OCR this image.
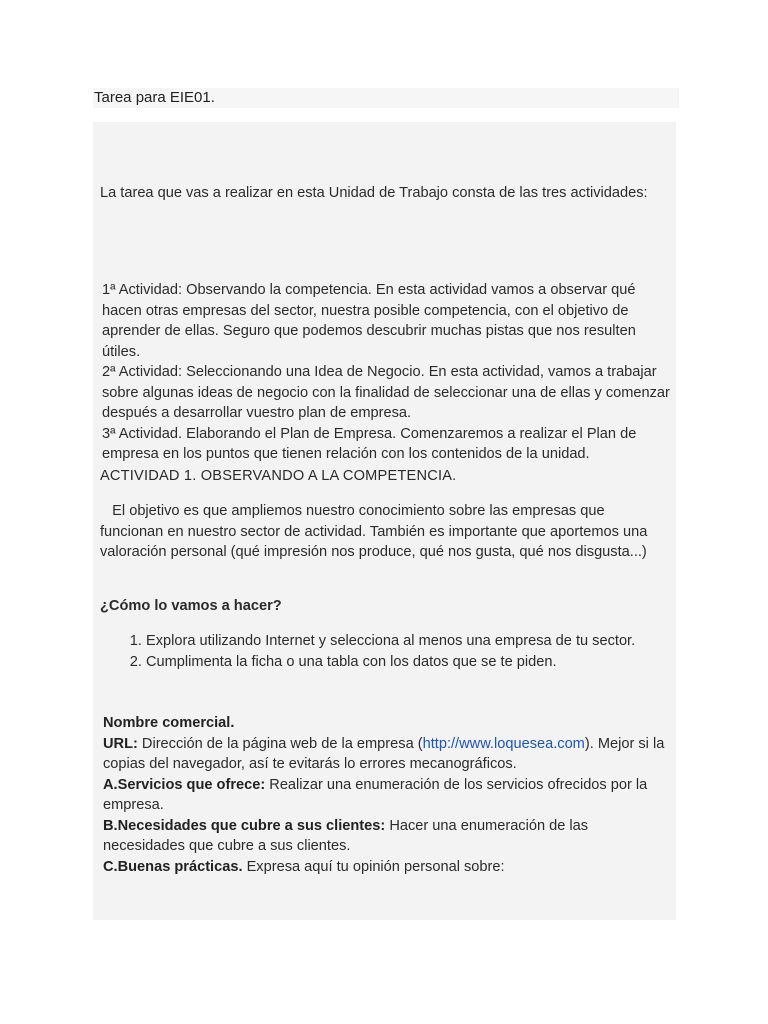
Tarea para EIE01.

La tarea que vas a realizar en esta Unidad de Trabajo consta de las tres actividades:

1ª Actividad: Observando la competencia. En esta actividad vamos a observar qué hacen otras empresas del sector, nuestra posible competencia, con el objetivo de aprender de ellas. Seguro que podemos descubrir muchas pistas que nos resulten útiles.

2ª Actividad: Seleccionando una Idea de Negocio. En esta actividad, vamos a trabajar sobre algunas ideas de negocio con la finalidad de seleccionar una de ellas y comenzar después a desarrollar vuestro plan de empresa.

3ª Actividad. Elaborando el Plan de Empresa. Comenzaremos a realizar el Plan de empresa en los puntos que tienen relación con los contenidos de la unidad.

ACTIVIDAD 1. OBSERVANDO A LA COMPETENCIA.

El objetivo es que ampliemos nuestro conocimiento sobre las empresas que funcionan en nuestro sector de actividad. También es importante que aportemos una valoración personal (qué impresión nos produce, qué nos gusta, qué nos disgusta...)

¿Cómo lo vamos a hacer?

1. Explora utilizando Internet y selecciona al menos una empresa de tu sector.
2. Cumplimenta la ficha o una tabla con los datos que se te piden.

Nombre comercial.

URL: Dirección de la página web de la empresa (http://www.loquesea.com). Mejor si la copias del navegador, así te evitarás lo errores mecanográficos.

A.Servicios que ofrece: Realizar una enumeración de los servicios ofrecidos por la empresa.

B.Necesidades que cubre a sus clientes: Hacer una enumeración de las necesidades que cubre a sus clientes.

C.Buenas prácticas. Expresa aquí tu opinión personal sobre:
